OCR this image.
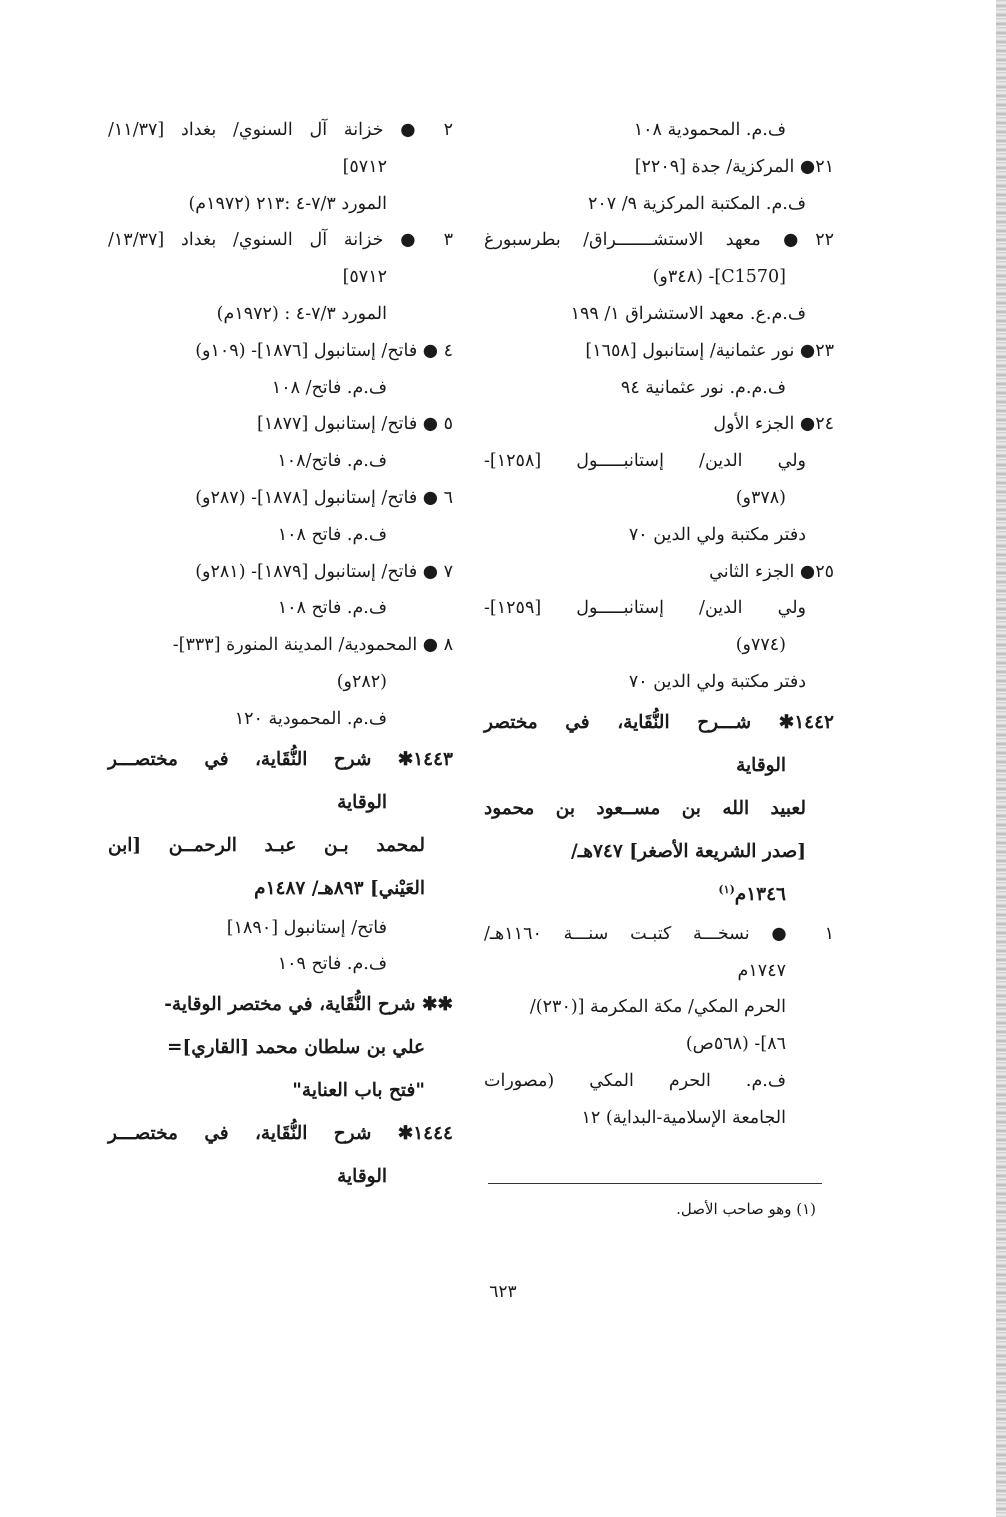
ف.م. المحمودية ١٠٨
٢١● المركزية/ جدة [٢٢٠٩]
ف.م. المكتبة المركزية ٩/ ٢٠٧
٢٢● معهد الاستشـــــــراق/ بطرسبورغ
[C1570]- (٣٤٨و)
ف.م.ع. معهد الاستشراق ١/ ١٩٩
٢٣● نور عثمانية/ إستانبول [١٦٥٨]
ف.م.م. نور عثمانية ٩٤
٢٤● الجزء الأول
ولي الدين/ إستانبـــــول [١٢٥٨]-
(٣٧٨و)
دفتر مكتبة ولي الدين ٧٠
٢٥● الجزء الثاني
ولي الدين/ إستانبـــــول [١٢٥٩]-
(٧٧٤و)
دفتر مكتبة ولي الدين ٧٠
١٤٤٢✱ شـــرح النُّقَاية، في مختصر
الوقاية
لعبيد الله بن مســعود بن محمود
[صدر الشريعة الأصغر] ٧٤٧هـ/
١٣٤٦م$^{(١)}$
١ ● نسخـــة كتبـت سنـــة ١١٦٠هـ/
١٧٤٧م
الحرم المكي/ مكة المكرمة [(٢٣٠)/
٨٦]- (٥٦٨ص)
ف.م. الحرم المكي (مصورات
الجامعة الإسلامية-البداية) ١٢
٢ ● خزانة آل السنوي/ بغداد [١١/٣٧/
٥٧١٢]
المورد ٧/٣-٤ :٢١٣ (١٩٧٢م)
٣ ● خزانة آل السنوي/ بغداد [١٣/٣٧/
٥٧١٢]
المورد ٧/٣-٤ : (١٩٧٢م)
٤ ● فاتح/ إستانبول [١٨٧٦]- (١٠٩و)
ف.م. فاتح/ ١٠٨
٥ ● فاتح/ إستانبول [١٨٧٧]
ف.م. فاتح/١٠٨
٦ ● فاتح/ إستانبول [١٨٧٨]- (٢٨٧و)
ف.م. فاتح ١٠٨
٧ ● فاتح/ إستانبول [١٨٧٩]- (٢٨١و)
ف.م. فاتح ١٠٨
٨ ● المحمودية/ المدينة المنورة [٣٣٣]-
(٢٨٢و)
ف.م. المحمودية ١٢٠
١٤٤٣✱ شرح النُّقَاية، في مختصـــر
الوقاية
لمحمد بـن عبـد الرحمــن [ابن
العَيْني] ٨٩٣هـ/ ١٤٨٧م
فاتح/ إستانبول [١٨٩٠]
ف.م. فاتح ١٠٩
✱✱ شرح النُّقَاية، في مختصر الوقاية-
علي بن سلطان محمد [القاري]=
"فتح باب العناية"
١٤٤٤✱ شرح النُّقَاية، في مختصـــر
الوقاية
(١) وهو صاحب الأصل.
٦٢٣
